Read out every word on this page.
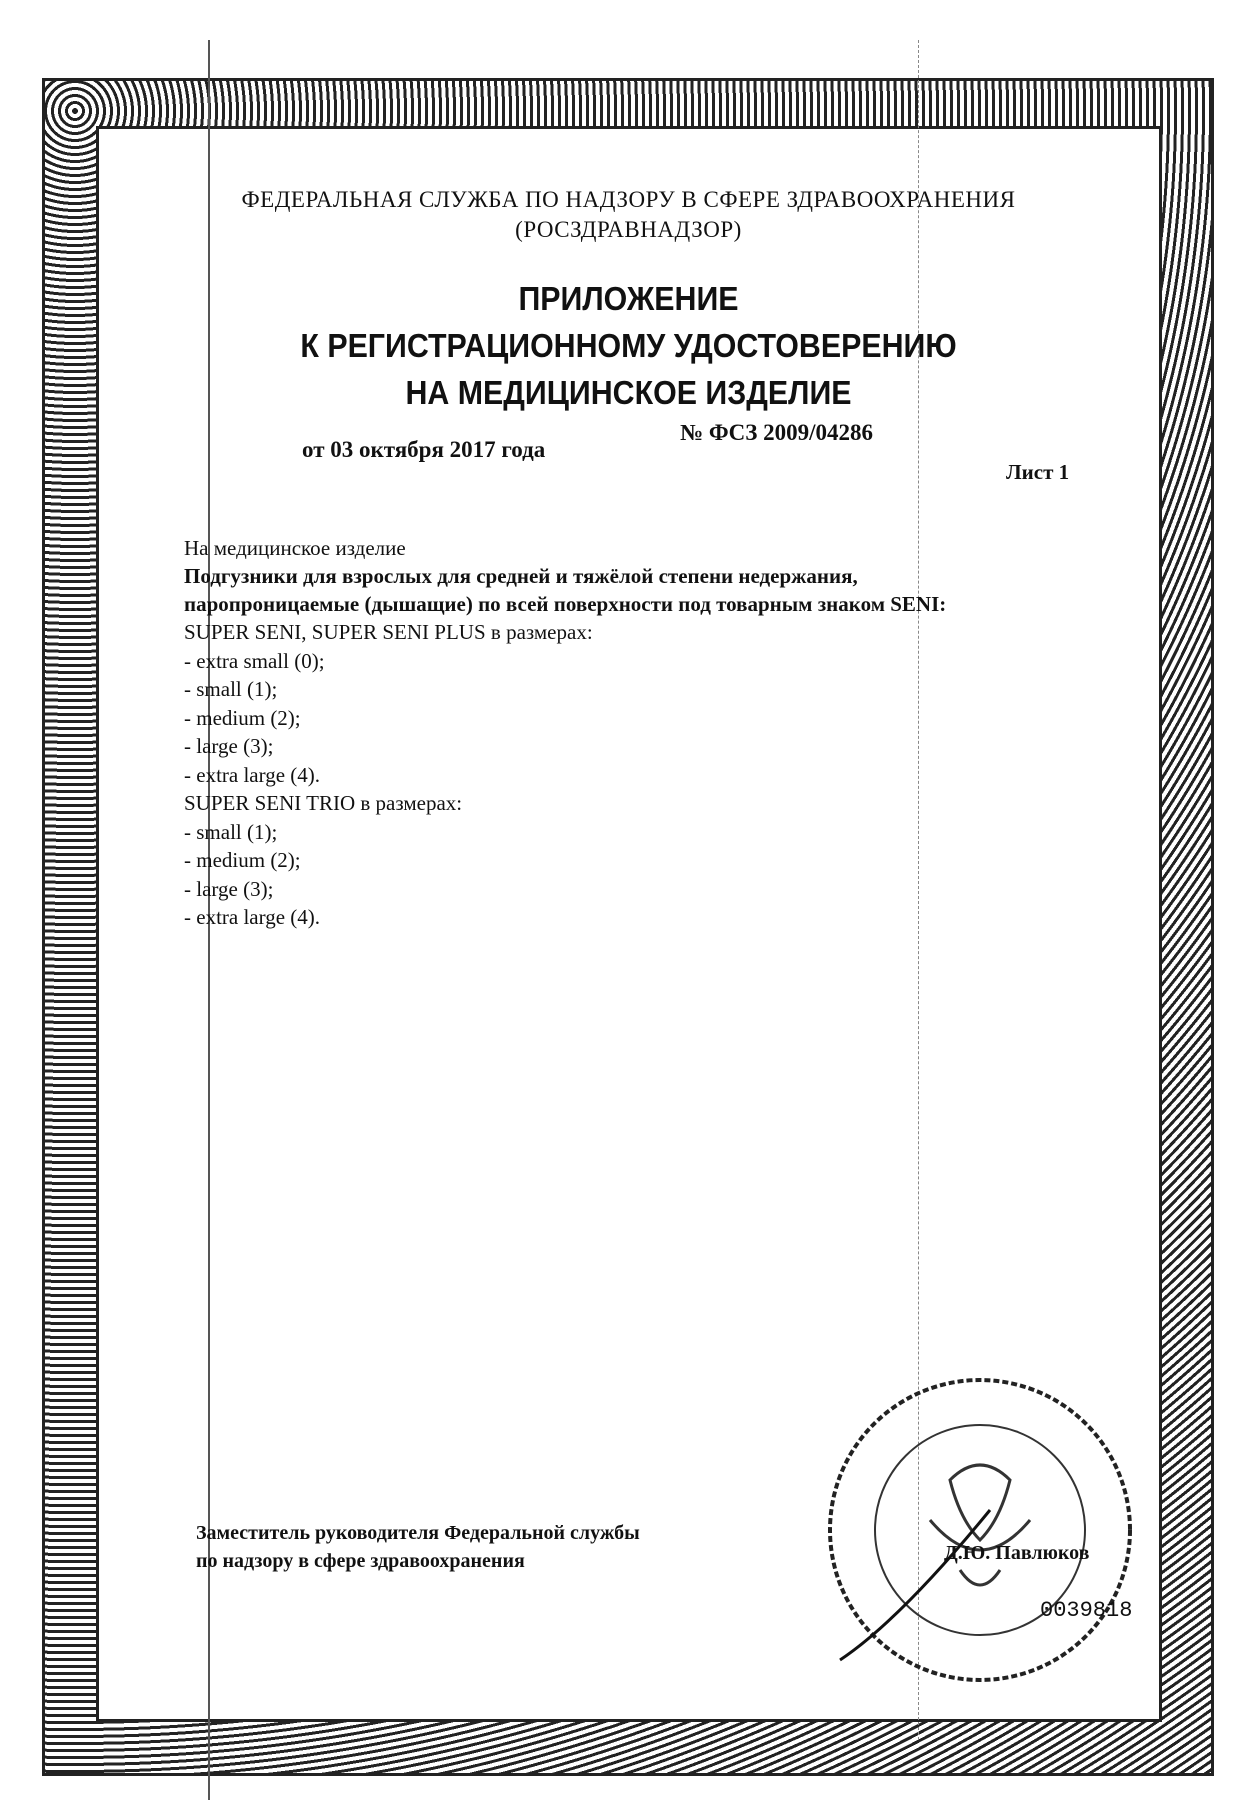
ФЕДЕРАЛЬНАЯ СЛУЖБА ПО НАДЗОРУ В СФЕРЕ ЗДРАВООХРАНЕНИЯ
(РОСЗДРАВНАДЗОР)
ПРИЛОЖЕНИЕ
К РЕГИСТРАЦИОННОМУ УДОСТОВЕРЕНИЮ
НА МЕДИЦИНСКОЕ ИЗДЕЛИЕ
от 03 октября 2017 года
№ ФСЗ 2009/04286
Лист 1
На медицинское изделие
Подгузники для взрослых для средней и тяжёлой степени недержания,
паропроницаемые (дышащие) по всей поверхности под товарным знаком SENI:
SUPER SENI, SUPER SENI PLUS в размерах:
- extra small (0);
- small (1);
- medium (2);
- large (3);
- extra large (4).
SUPER SENI TRIO в размерах:
- small (1);
- medium (2);
- large (3);
- extra large (4).
Заместитель руководителя Федеральной службы
по надзору в сфере здравоохранения	Д.Ю. Павлюков
0039818
